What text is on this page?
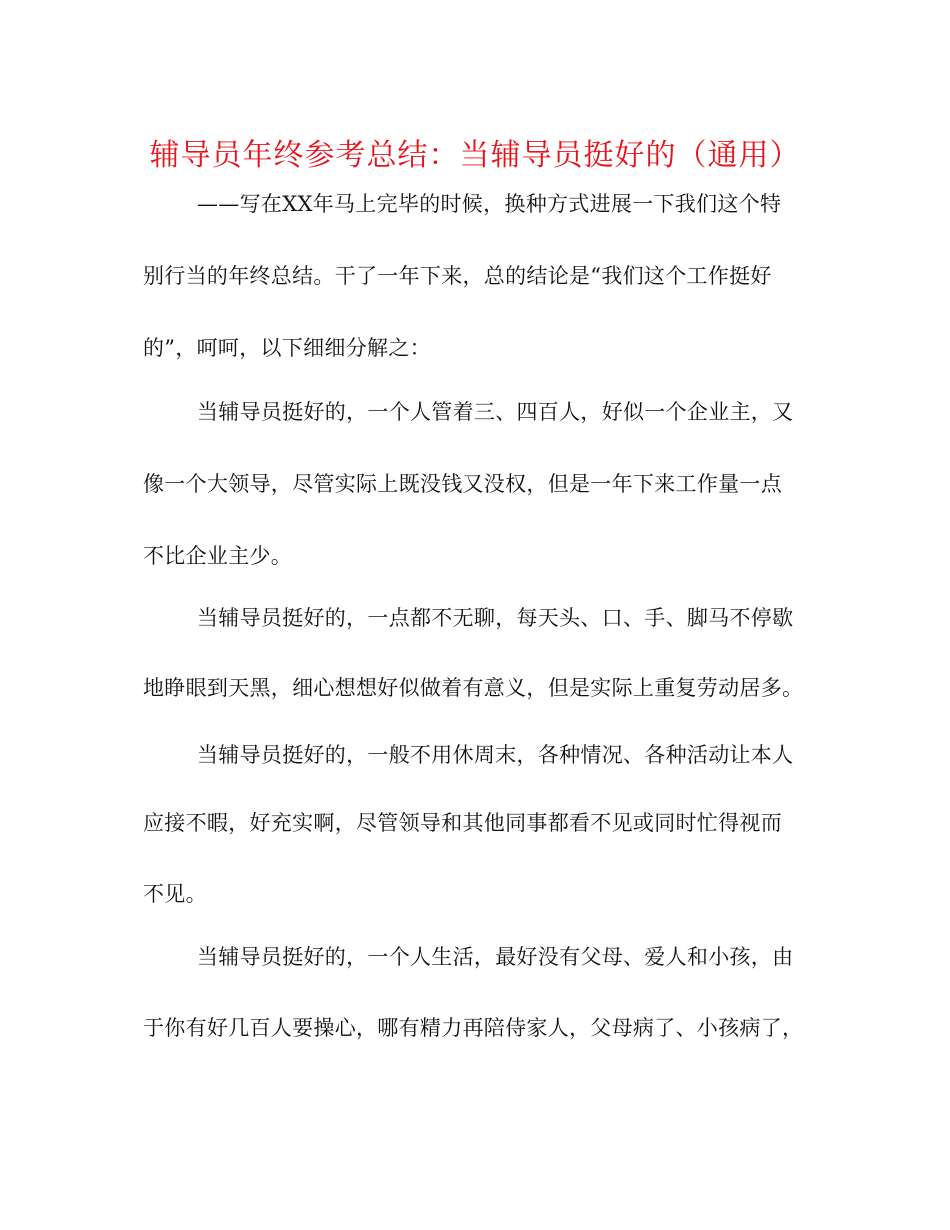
辅导员年终参考总结：当辅导员挺好的（通用）
——写在XX年马上完毕的时候，换种方式进展一下我们这个特
别行当的年终总结。干了一年下来，总的结论是“我们这个工作挺好
的”，呵呵，以下细细分解之：
当辅导员挺好的，一个人管着三、四百人，好似一个企业主，又
像一个大领导，尽管实际上既没钱又没权，但是一年下来工作量一点
不比企业主少。
当辅导员挺好的，一点都不无聊，每天头、口、手、脚马不停歇
地睁眼到天黑，细心想想好似做着有意义，但是实际上重复劳动居多。
当辅导员挺好的，一般不用休周末，各种情况、各种活动让本人
应接不暇，好充实啊，尽管领导和其他同事都看不见或同时忙得视而
不见。
当辅导员挺好的，一个人生活，最好没有父母、爱人和小孩，由
于你有好几百人要操心，哪有精力再陪侍家人，父母病了、小孩病了，
